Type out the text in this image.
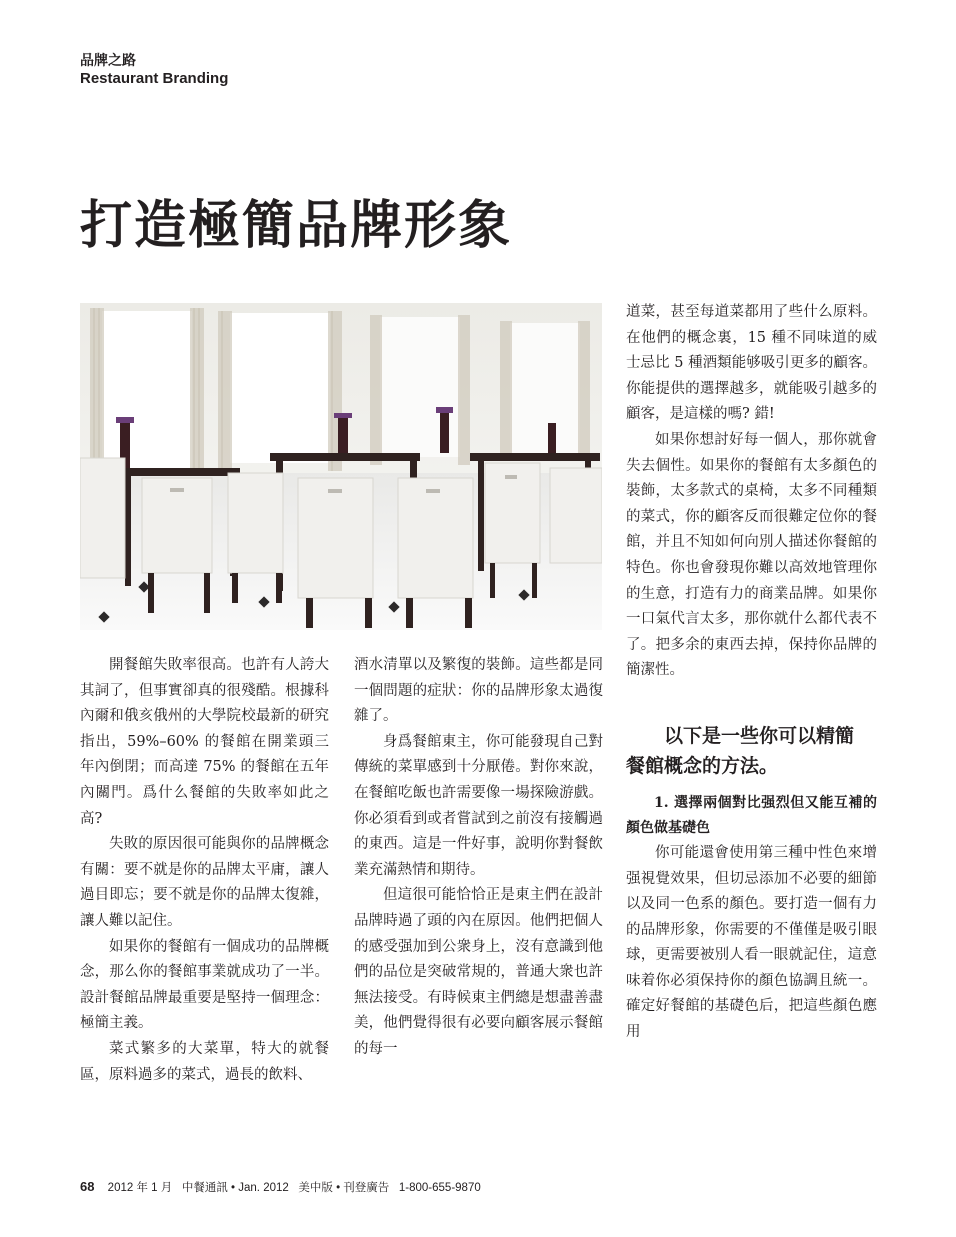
品牌之路
Restaurant Branding
打造極簡品牌形象

開餐館失敗率很高。也許有人誇大其詞了，但事實卻真的很殘酷。根據科內爾和俄亥俄州的大學院校最新的研究指出，59%–60% 的餐館在開業頭三年內倒閉；而高達 75% 的餐館在五年內關門。爲什么餐館的失敗率如此之高?

失敗的原因很可能與你的品牌概念有關：要不就是你的品牌太平庸，讓人過目即忘；要不就是你的品牌太復雜，讓人難以記住。

如果你的餐館有一個成功的品牌概念，那么你的餐館事業就成功了一半。設計餐館品牌最重要是堅持一個理念：極簡主義。

菜式繁多的大菜單，特大的就餐區，原料過多的菜式，過長的飲料、

酒水清單以及繁復的裝飾。這些都是同一個問題的症狀：你的品牌形象太過復雜了。

身爲餐館東主，你可能發現自己對傳統的菜單感到十分厭倦。對你來說，在餐館吃飯也許需要像一場探險游戲。你必須看到或者嘗試到之前沒有接觸過的東西。這是一件好事，說明你對餐飲業充滿熱情和期待。

但這很可能恰恰正是東主們在設計品牌時過了頭的內在原因。他們把個人的感受强加到公衆身上，沒有意識到他們的品位是突破常規的，普通大衆也許無法接受。有時候東主們總是想盡善盡美，他們覺得很有必要向顧客展示餐館的每一

道菜，甚至每道菜都用了些什么原料。在他們的概念裏，15 種不同味道的威士忌比 5 種酒類能够吸引更多的顧客。你能提供的選擇越多，就能吸引越多的顧客，是這樣的嗎? 錯!

如果你想討好每一個人，那你就會失去個性。如果你的餐館有太多顏色的裝飾，太多款式的桌椅，太多不同種類的菜式，你的顧客反而很難定位你的餐館，并且不知如何向別人描述你餐館的特色。你也會發現你難以高效地管理你的生意，打造有力的商業品牌。如果你一口氣代言太多，那你就什么都代表不了。把多余的東西去掉，保持你品牌的簡潔性。

以下是一些你可以精簡
餐館概念的方法。

1. 選擇兩個對比强烈但又能互補的顏色做基礎色

你可能還會使用第三種中性色來增强視覺效果，但切忌添加不必要的細節以及同一色系的顏色。要打造一個有力的品牌形象，你需要的不僅僅是吸引眼球，更需要被別人看一眼就記住，這意味着你必須保持你的顏色協調且統一。確定好餐館的基礎色后，把這些顏色應用

68 2012 年 1 月 中餐通訊 • Jan. 2012 美中版 • 刊登廣告 1-800-655-9870
